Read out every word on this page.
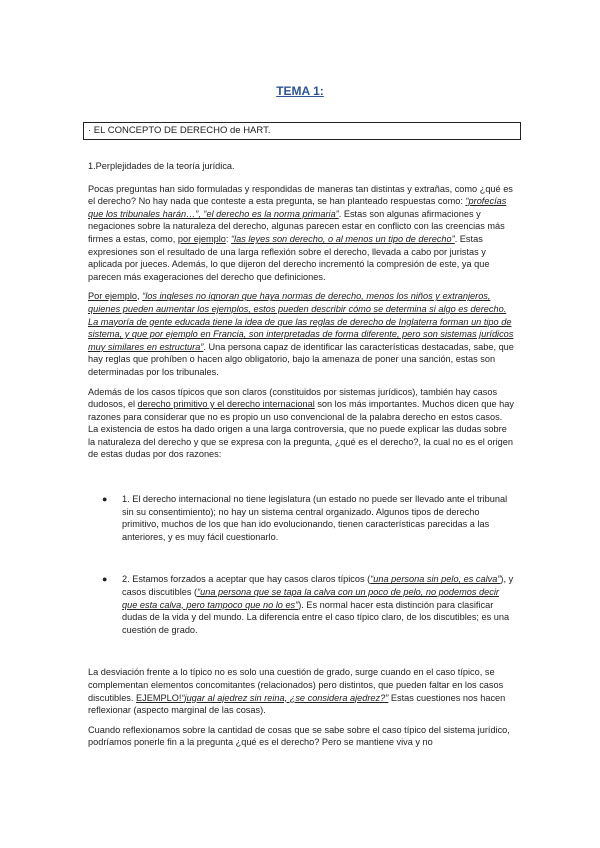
TEMA 1:
· EL CONCEPTO DE DERECHO de HART.

1.Perplejidades de la teoría jurídica.

Pocas preguntas han sido formuladas y respondidas de maneras tan distintas y extrañas, como ¿qué es el derecho? No hay nada que conteste a esta pregunta, se han planteado respuestas como: “profecías que los tribunales harán…”, “el derecho es la norma primaria”. Estas son algunas afirmaciones y negaciones sobre la naturaleza del derecho, algunas parecen estar en conflicto con las creencias más firmes a estas, como, por ejemplo: “las leyes son derecho, o al menos un tipo de derecho”. Estas expresiones son el resultado de una larga reflexión sobre el derecho, llevada a cabo por juristas y aplicada por jueces. Además, lo que dijeron del derecho incrementó la compresión de este, ya que parecen más exageraciones del derecho que definiciones.

Por ejemplo, “los ingleses no ignoran que haya normas de derecho, menos los niños y extranjeros, quienes pueden aumentar los ejemplos, estos pueden describir cómo se determina si algo es derecho. La mayoría de gente educada tiene la idea de que las reglas de derecho de Inglaterra forman un tipo de sistema, y que por ejemplo en Francia, son interpretadas de forma diferente, pero son sistemas jurídicos muy similares en estructura”. Una persona capaz de identificar las características destacadas, sabe, que hay reglas que prohíben o hacen algo obligatorio, bajo la amenaza de poner una sanción, estas son determinadas por los tribunales.

Además de los casos típicos que son claros (constituidos por sistemas jurídicos), también hay casos dudosos, el derecho primitivo y el derecho internacional son los más importantes. Muchos dicen que hay razones para considerar que no es propio un uso convencional de la palabra derecho en estos casos. La existencia de estos ha dado origen a una larga controversia, que no puede explicar las dudas sobre la naturaleza del derecho y que se expresa con la pregunta, ¿qué es el derecho?, la cual no es el origen de estas dudas por dos razones:

● 1. El derecho internacional no tiene legislatura (un estado no puede ser llevado ante el tribunal sin su consentimiento); no hay un sistema central organizado. Algunos tipos de derecho primitivo, muchos de los que han ido evolucionando, tienen características parecidas a las anteriores, y es muy fácil cuestionarlo.
● 2. Estamos forzados a aceptar que hay casos claros típicos (“una persona sin pelo, es calva”), y casos discutibles (“una persona que se tapa la calva con un poco de pelo, no podemos decir que esta calva, pero tampoco que no lo es”). Es normal hacer esta distinción para clasificar dudas de la vida y del mundo. La diferencia entre el caso típico claro, de los discutibles; es una cuestión de grado.

La desviación frente a lo típico no es solo una cuestión de grado, surge cuando en el caso típico, se complementan elementos concomitantes (relacionados) pero distintos, que pueden faltar en los casos discutibles. EJEMPLO!“jugar al ajedrez sin reina, ¿se considera ajedrez?” Estas cuestiones nos hacen reflexionar (aspecto marginal de las cosas).

Cuando reflexionamos sobre la cantidad de cosas que se sabe sobre el caso típico del sistema jurídico, podríamos ponerle fin a la pregunta ¿qué es el derecho? Pero se mantiene viva y no
